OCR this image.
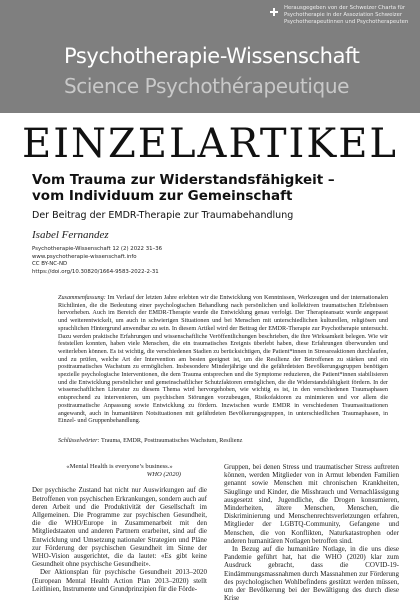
Herausgegeben von der Schweizer Charta für
Psychotherapie in der Assoziation Schweizer
Psychotherapeutinnen und Psychotherapeuten
Psychotherapie-Wissenschaft
Science Psychothérapeutique
EINZELARTIKEL
Vom Trauma zur Widerstandsfähigkeit –
vom Individuum zur Gemeinschaft
Der Beitrag der EMDR-Therapie zur Traumabehandlung
Isabel Fernandez
Psychotherapie-Wissenschaft 12 (2) 2022 31–36
www.psychotherapie-wissenschaft.info
CC BY-NC-ND
https://doi.org/10.30820/1664-9583-2022-2-31
Zusammenfassung: Im Verlauf der letzten Jahre erlebten wir die Entwicklung von Kenntnissen, Werkzeugen und der internationalen Richtlinien, die die Bedeutung einer psychologischen Behandlung nach persönlichen und kollektiven traumatischen Erlebnissen hervorheben. Auch im Bereich der EMDR-Therapie wurde die Entwicklung genau verfolgt. Der Therapieansatz wurde angepasst und weiterentwickelt, um auch in schwierigen Situationen und bei Menschen mit unterschiedlichen kulturellen, religiösen und sprachlichen Hintergrund anwendbar zu sein. In diesem Artikel wird der Beitrag der EMDR-Therapie zur Psychotherapie untersucht. Dazu werden praktische Erfahrungen und wissenschaftliche Veröffentlichungen beschrieben, die ihre Wirksamkeit belegen. Wie wir feststellen konnten, haben viele Menschen, die ein traumatisches Ereignis überlebt haben, diese Erfahrungen überwunden und weiterleben können. Es ist wichtig, die verschiedenen Stadien zu berücksichtigen, die Patient*innen in Stressreaktionen durchlaufen, und zu prüfen, welche Art der Intervention am besten geeignet ist, um die Resilienz der Betroffenen zu stärken und ein posttraumatisches Wachstum zu ermöglichen. Insbesondere Minderjährige und die gefährdetsten Bevölkerungsgruppen benötigen spezielle psychologische Interventionen, die dem Trauma entsprechen und die Symptome reduzieren, die Patient*innen stabilisieren und die Entwicklung persönlicher und gemeinschaftlicher Schutzfaktoren ermöglichen, die die Widerstandsfähigkeit fördern. In der wissenschaftlichen Literatur zu diesem Thema wird hervorgehoben, wie wichtig es ist, in den verschiedenen Traumaphasen entsprechend zu intervenieren, um psychischen Störungen vorzubeugen, Risikofaktoren zu minimieren und vor allem die posttraumatische Anpassung sowie Entwicklung zu fördern. Inzwischen wurde EMDR in verschiedenen Traumasituationen angewandt, auch in humanitären Notsituationen mit gefährdeten Bevölkerungsgruppen, in unterschiedlichen Traumaphasen, in Einzel- und Gruppenbehandlung.
Schlüsselwörter: Trauma, EMDR, Posttraumatisches Wachstum, Resilienz
«Mental Health is everyone’s business.»
WHO (2020)

Der psychische Zustand hat nicht nur Auswirkungen auf die Betroffenen von psychischen Erkrankungen, sondern auch auf deren Arbeit und die Produktivität der Gesellschaft im Allgemeinen. Die Programme zur psychischen Gesundheit, die die WHO/Europe in Zusammenarbeit mit den Mitgliedstaaten und anderen Partnern erarbeitet, sind auf die Entwicklung und Umsetzung nationaler Strategien und Pläne zur Förderung der psychischen Gesundheit im Sinne der WHO-Vision ausgerichtet, die da lautet: «Es gibt keine Gesundheit ohne psychische Gesundheit».

Der Aktionsplan für psychische Gesundheit 2013–2020 (European Mental Health Action Plan 2013–2020) stellt Leitlinien, Instrumente und Grundprinzipien für die Förde-

Gruppen, bei denen Stress und traumatischer Stress auftreten können, werden Mitglieder von in Armut lebenden Familien genannt sowie Menschen mit chronischen Krankheiten, Säuglinge und Kinder, die Misshrauch und Vernachlässigung ausgesetzt sind, Jugendliche, die Drogen konsumieren, Minderheiten, ältere Menschen, Menschen, die Diskriminierung und Menschenrechtsverletzungen erfahren, Mitglieder der LGBTQ-Community, Gefangene und Menschen, die von Konflikten, Naturkatastrophen oder anderen humanitären Notlagen betroffen sind.

In Bezug auf die humanitäre Notlage, in die uns diese Pandemie geführt hat, hat die WHO (2020) klar zum Ausdruck gebracht, dass die COVID-19-Eindämmungsmassnahmen durch Massnahmen zur Förderung des psychologischen Wohlbefindens gestützt werden müssen, um der Bevölkerung bei der Bewältigung des durch diese Krise
